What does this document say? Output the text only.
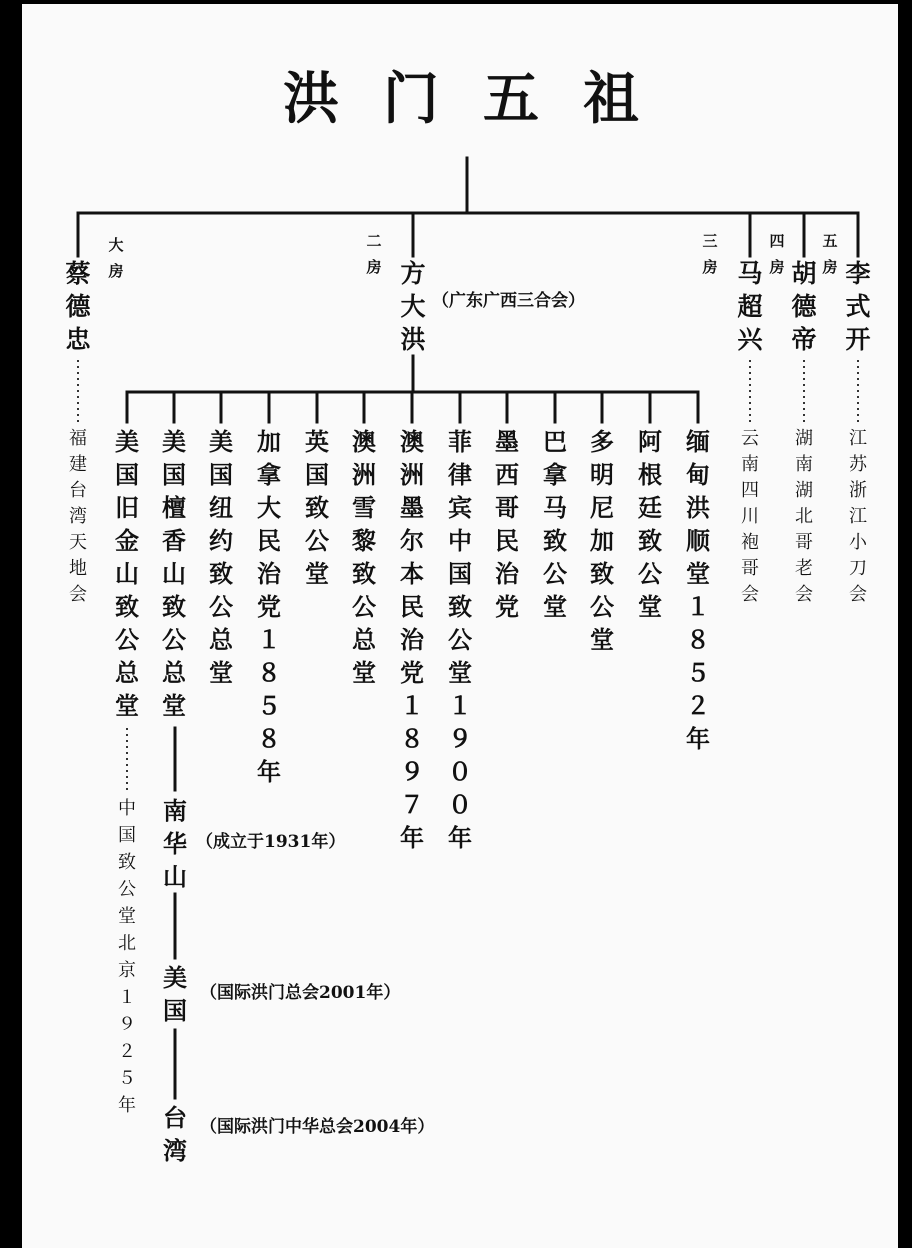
洪门五祖
大房
蔡德忠
福建台湾天地会
二房 方大洪
（广东广西三合会）
三房 马超兴
云南四川袍哥会
四房 胡德帝
湖南湖北哥老会
五房 李式开
江苏浙江小刀会
美国旧金山致公总堂
美国檀香山致公总堂
美国纽约致公总堂
加拿大民治党１８５８年
英国致公堂
澳洲雪黎致公总堂
澳洲墨尔本民治党１８９７年
菲律宾中国致公堂１９００年
墨西哥民治党
巴拿马致公堂
多明尼加致公堂
阿根廷致公堂
缅甸洪顺堂１８５２年
中国致公堂北京１９２５年
南华山
（成立于1931年）
美国
（国际洪门总会2001年）
台湾
（国际洪门中华总会2004年）
